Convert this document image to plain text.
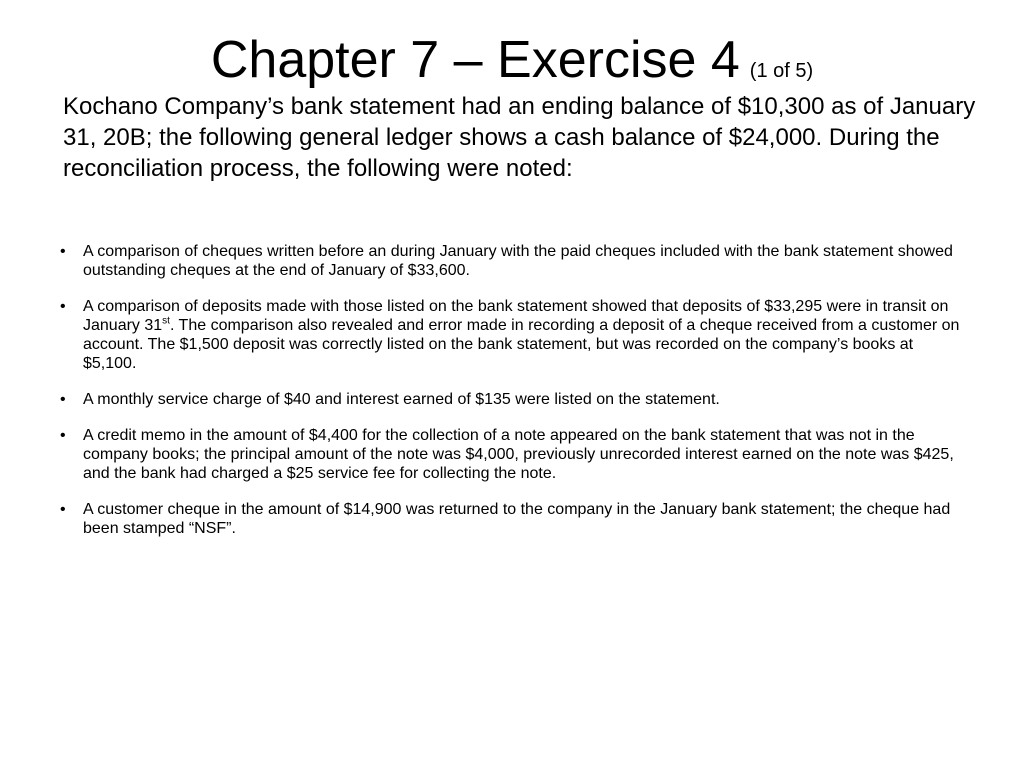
Chapter 7 – Exercise 4 (1 of 5)
Kochano Company’s bank statement had an ending balance of $10,300 as of January 31, 20B; the following general ledger shows a cash balance of $24,000. During the reconciliation process, the following were noted:
• A comparison of cheques written before an during January with the paid cheques included with the bank statement showed outstanding cheques at the end of January of $33,600.
• A comparison of deposits made with those listed on the bank statement showed that deposits of $33,295 were in transit on January 31st. The comparison also revealed and error made in recording a deposit of a cheque received from a customer on account. The $1,500 deposit was correctly listed on the bank statement, but was recorded on the company’s books at $5,100.
• A monthly service charge of $40 and interest earned of $135 were listed on the statement.
• A credit memo in the amount of $4,400 for the collection of a note appeared on the bank statement that was not in the company books; the principal amount of the note was $4,000, previously unrecorded interest earned on the note was $425, and the bank had charged a $25 service fee for collecting the note.
• A customer cheque in the amount of $14,900 was returned to the company in the January bank statement; the cheque had been stamped “NSF”.
